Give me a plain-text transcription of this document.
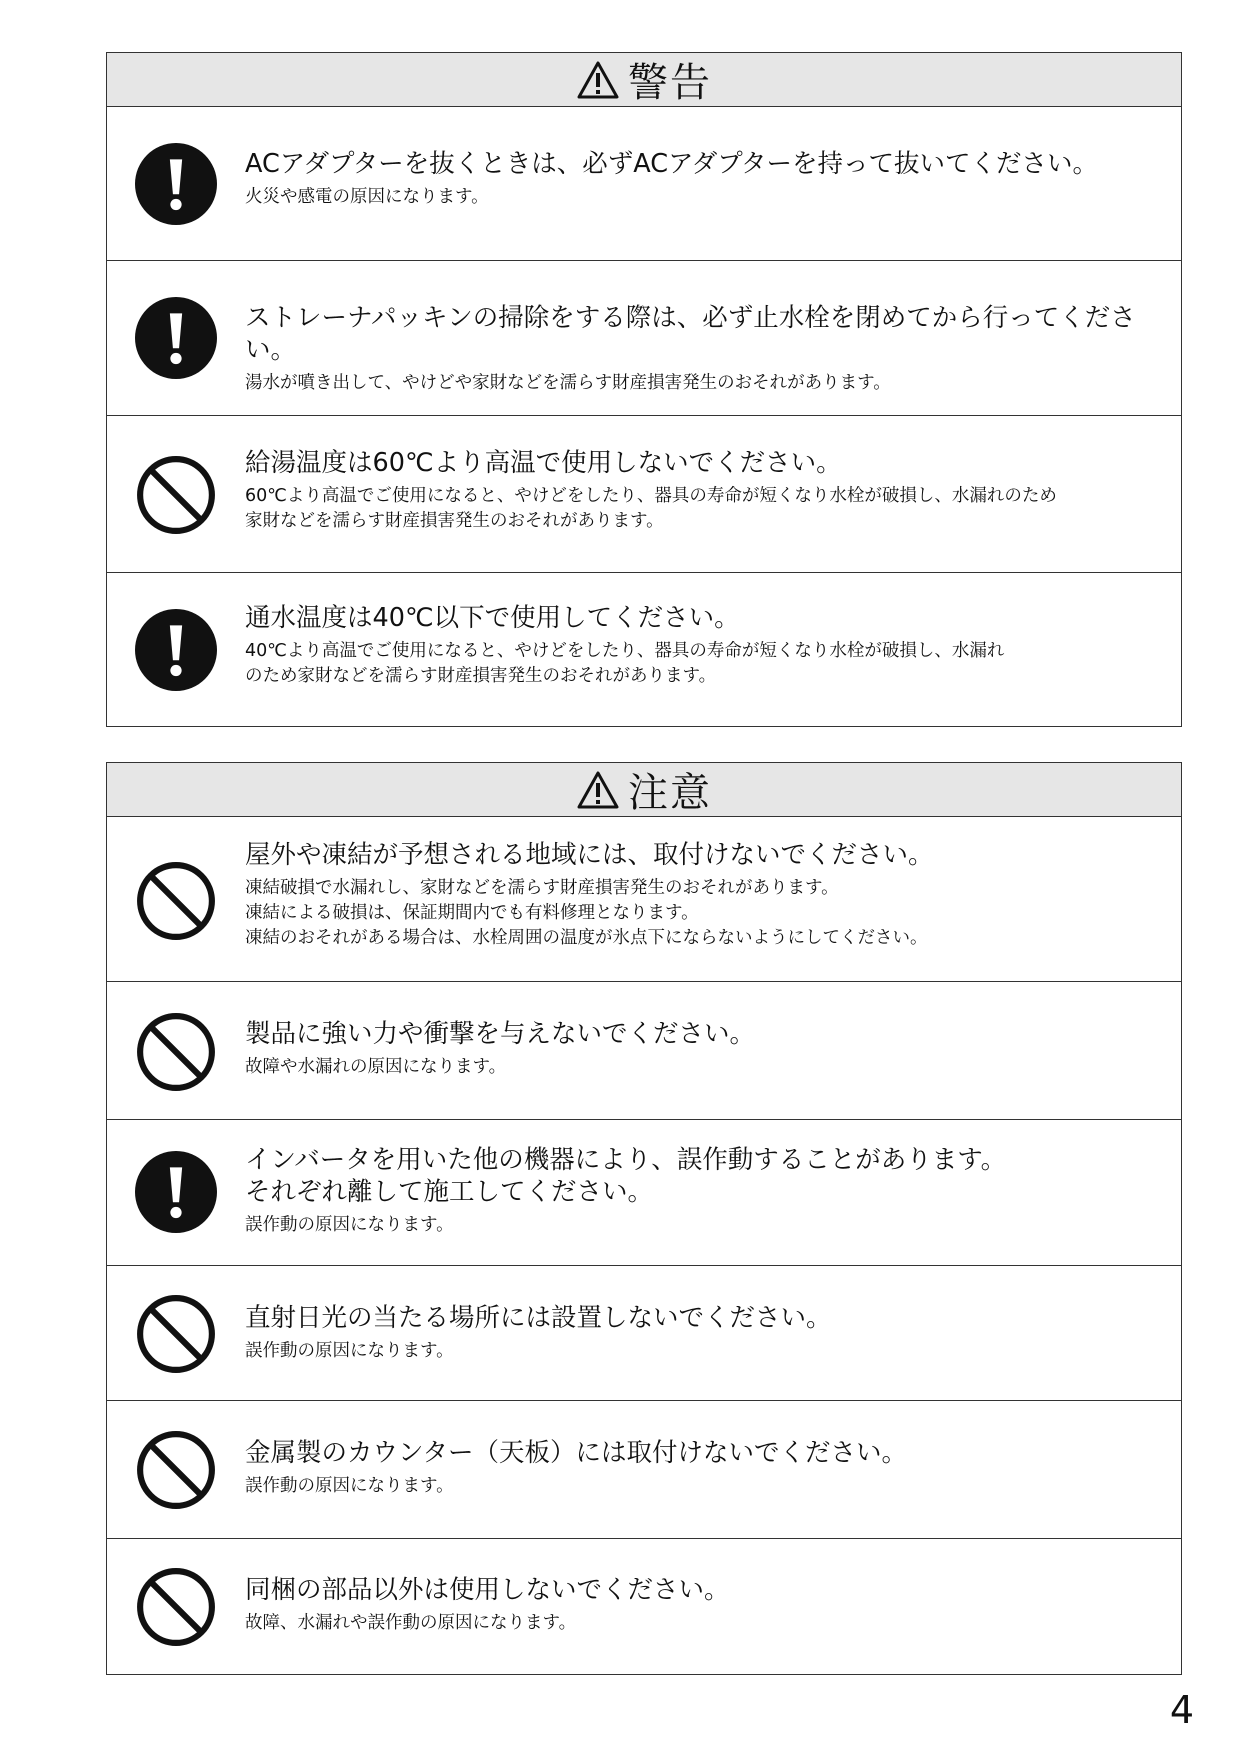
警告
ACアダプターを抜くときは、必ずACアダプターを持って抜いてください。
火災や感電の原因になります。
ストレーナパッキンの掃除をする際は、必ず止水栓を閉めてから行ってください。
湯水が噴き出して、やけどや家財などを濡らす財産損害発生のおそれがあります。
給湯温度は60℃より高温で使用しないでください。
60℃より高温でご使用になると、やけどをしたり、器具の寿命が短くなり水栓が破損し、水漏れのため
家財などを濡らす財産損害発生のおそれがあります。
通水温度は40℃以下で使用してください。
40℃より高温でご使用になると、やけどをしたり、器具の寿命が短くなり水栓が破損し、水漏れ
のため家財などを濡らす財産損害発生のおそれがあります。
注意
屋外や凍結が予想される地域には、取付けないでください。
凍結破損で水漏れし、家財などを濡らす財産損害発生のおそれがあります。
凍結による破損は、保証期間内でも有料修理となります。
凍結のおそれがある場合は、水栓周囲の温度が氷点下にならないようにしてください。
製品に強い力や衝撃を与えないでください。
故障や水漏れの原因になります。
インバータを用いた他の機器により、誤作動することがあります。
それぞれ離して施工してください。
誤作動の原因になります。
直射日光の当たる場所には設置しないでください。
誤作動の原因になります。
金属製のカウンター（天板）には取付けないでください。
誤作動の原因になります。
同梱の部品以外は使用しないでください。
故障、水漏れや誤作動の原因になります。
4
